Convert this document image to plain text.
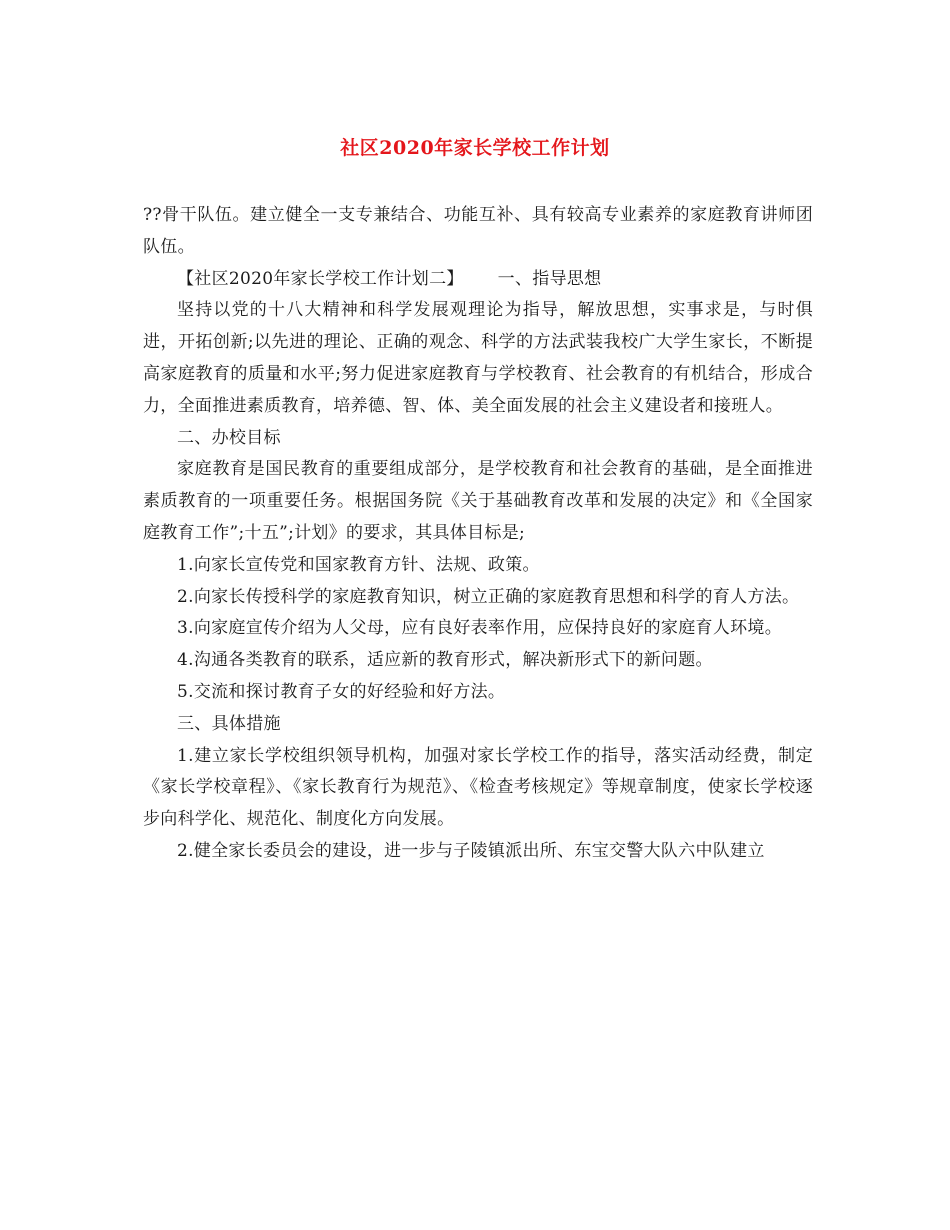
社区2020年家长学校工作计划

??骨干队伍。建立健全一支专兼结合、功能互补、具有较高专业素养的家庭教育讲师团队伍。

【社区2020年家长学校工作计划二】 一、指导思想

坚持以党的十八大精神和科学发展观理论为指导，解放思想，实事求是，与时俱进，开拓创新;以先进的理论、正确的观念、科学的方法武装我校广大学生家长，不断提高家庭教育的质量和水平;努力促进家庭教育与学校教育、社会教育的有机结合，形成合力，全面推进素质教育，培养德、智、体、美全面发展的社会主义建设者和接班人。

二、办校目标

家庭教育是国民教育的重要组成部分，是学校教育和社会教育的基础，是全面推进素质教育的一项重要任务。根据国务院《关于基础教育改革和发展的决定》和《全国家庭教育工作”;十五”;计划》的要求，其具体目标是;

1.向家长宣传党和国家教育方针、法规、政策。

2.向家长传授科学的家庭教育知识，树立正确的家庭教育思想和科学的育人方法。

3.向家庭宣传介绍为人父母，应有良好表率作用，应保持良好的家庭育人环境。

4.沟通各类教育的联系，适应新的教育形式，解决新形式下的新问题。

5.交流和探讨教育子女的好经验和好方法。

三、具体措施

1.建立家长学校组织领导机构，加强对家长学校工作的指导，落实活动经费，制定《家长学校章程》、《家长教育行为规范》、《检查考核规定》等规章制度，使家长学校逐步向科学化、规范化、制度化方向发展。

2.健全家长委员会的建设，进一步与子陵镇派出所、东宝交警大队六中队建立
